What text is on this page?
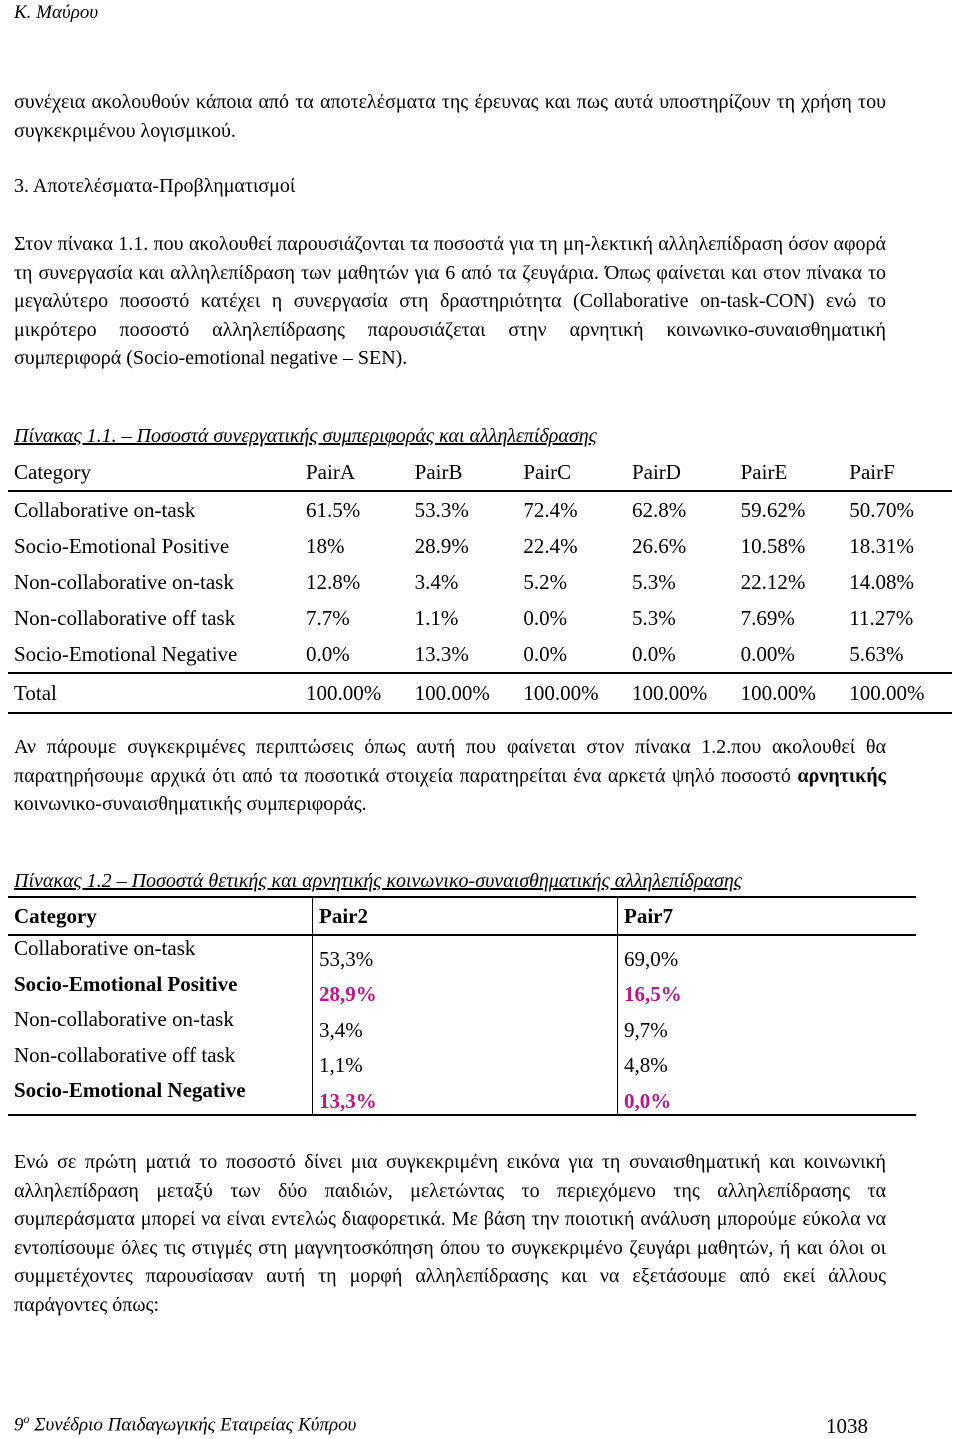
Κ. Μαύρου
συνέχεια ακολουθούν κάποια από τα αποτελέσματα της έρευνας και πως αυτά υποστηρίζουν τη χρήση του συγκεκριμένου λογισμικού.
3. Αποτελέσματα-Προβληματισμοί
Στον πίνακα 1.1. που ακολουθεί παρουσιάζονται τα ποσοστά για τη μη-λεκτική αλληλεπίδραση όσον αφορά τη συνεργασία και αλληλεπίδραση των μαθητών για 6 από τα ζευγάρια. Όπως φαίνεται και στον πίνακα το μεγαλύτερο ποσοστό κατέχει η συνεργασία στη δραστηριότητα (Collaborative on-task-CON) ενώ το μικρότερο ποσοστό αλληλεπίδρασης παρουσιάζεται στην αρνητική κοινωνικο-συναισθηματική συμπεριφορά (Socio-emotional negative – SEN).
Πίνακας 1.1. – Ποσοστά συνεργατικής συμπεριφοράς και αλληλεπίδρασης
Category	PairA	PairB	PairC	PairD	PairE	PairF
Collaborative on-task	61.5%	53.3%	72.4%	62.8%	59.62%	50.70%
Socio-Emotional Positive	18%	28.9%	22.4%	26.6%	10.58%	18.31%
Non-collaborative on-task	12.8%	3.4%	5.2%	5.3%	22.12%	14.08%
Non-collaborative off task	7.7%	1.1%	0.0%	5.3%	7.69%	11.27%
Socio-Emotional Negative	0.0%	13.3%	0.0%	0.0%	0.00%	5.63%
Total	100.00%	100.00%	100.00%	100.00%	100.00%	100.00%
Αν πάρουμε συγκεκριμένες περιπτώσεις όπως αυτή που φαίνεται στον πίνακα 1.2.που ακολουθεί θα παρατηρήσουμε αρχικά ότι από τα ποσοτικά στοιχεία παρατηρείται ένα αρκετά ψηλό ποσοστό αρνητικής κοινωνικο-συναισθηματικής συμπεριφοράς.
Πίνακας 1.2 – Ποσοστά θετικής και αρνητικής κοινωνικο-συναισθηματικής αλληλεπίδρασης
Category	Pair2	Pair7
Collaborative on-task	53,3%	69,0%
Socio-Emotional Positive	28,9%	16,5%
Non-collaborative on-task	3,4%	9,7%
Non-collaborative off task	1,1%	4,8%
Socio-Emotional Negative	13,3%	0,0%
Ενώ σε πρώτη ματιά το ποσοστό δίνει μια συγκεκριμένη εικόνα για τη συναισθηματική και κοινωνική αλληλεπίδραση μεταξύ των δύο παιδιών, μελετώντας το περιεχόμενο της αλληλεπίδρασης τα συμπεράσματα μπορεί να είναι εντελώς διαφορετικά. Με βάση την ποιοτική ανάλυση μπορούμε εύκολα να εντοπίσουμε όλες τις στιγμές στη μαγνητοσκόπηση όπου το συγκεκριμένο ζευγάρι μαθητών, ή και όλοι οι συμμετέχοντες παρουσίασαν αυτή τη μορφή αλληλεπίδρασης και να εξετάσουμε από εκεί άλλους παράγοντες όπως:
$9^o$ Συνέδριο Παιδαγωγικής Εταιρείας Κύπρου	1038
